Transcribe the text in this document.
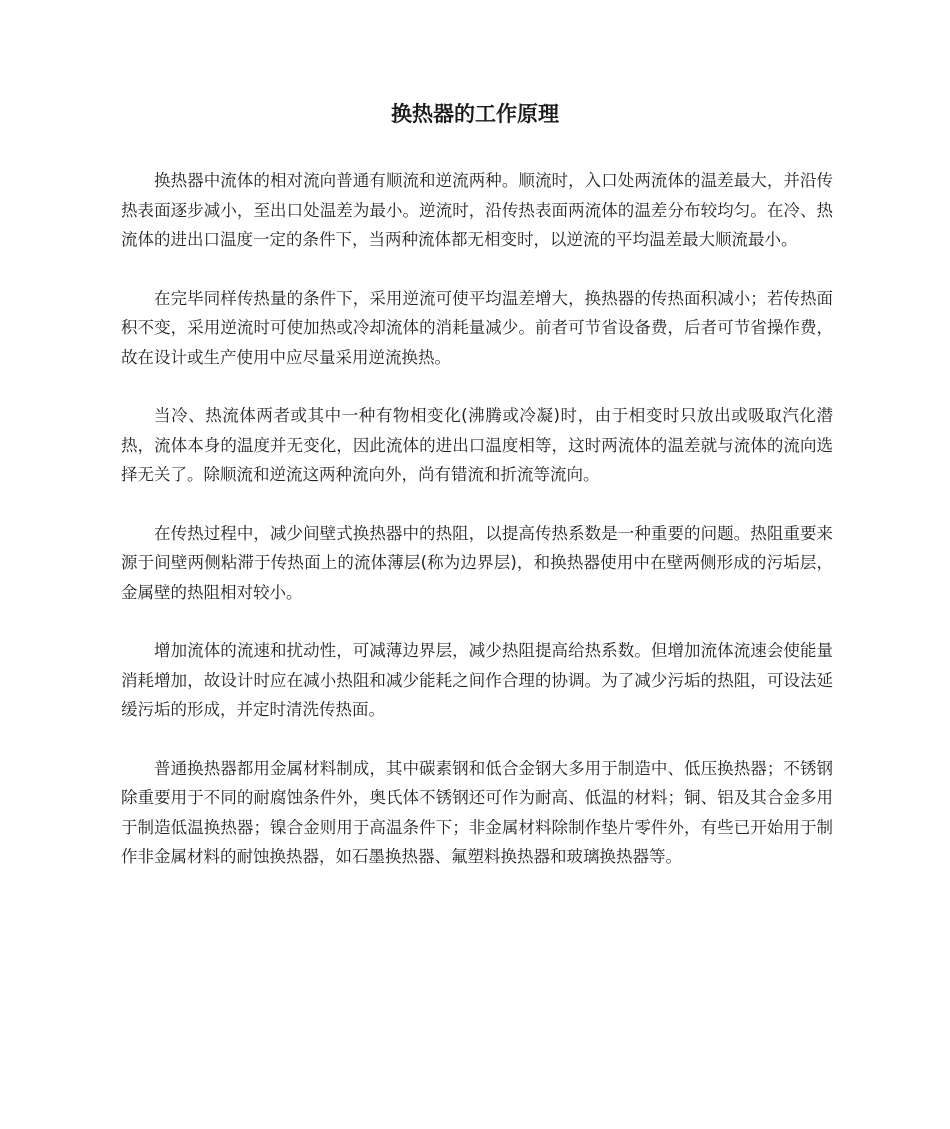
换热器的工作原理

换热器中流体的相对流向普通有顺流和逆流两种。顺流时，入口处两流体的温差最大，并沿传热表面逐步减小，至出口处温差为最小。逆流时，沿传热表面两流体的温差分布较均匀。在冷、热流体的进出口温度一定的条件下，当两种流体都无相变时，以逆流的平均温差最大顺流最小。

在完毕同样传热量的条件下，采用逆流可使平均温差增大，换热器的传热面积减小；若传热面积不变，采用逆流时可使加热或冷却流体的消耗量减少。前者可节省设备费，后者可节省操作费，故在设计或生产使用中应尽量采用逆流换热。

当冷、热流体两者或其中一种有物相变化(沸腾或冷凝)时，由于相变时只放出或吸取汽化潜热，流体本身的温度并无变化，因此流体的进出口温度相等，这时两流体的温差就与流体的流向选择无关了。除顺流和逆流这两种流向外，尚有错流和折流等流向。

在传热过程中，减少间壁式换热器中的热阻，以提高传热系数是一种重要的问题。热阻重要来源于间壁两侧粘滞于传热面上的流体薄层(称为边界层)，和换热器使用中在壁两侧形成的污垢层，金属壁的热阻相对较小。

增加流体的流速和扰动性，可减薄边界层，减少热阻提高给热系数。但增加流体流速会使能量消耗增加，故设计时应在减小热阻和减少能耗之间作合理的协调。为了减少污垢的热阻，可设法延缓污垢的形成，并定时清洗传热面。

普通换热器都用金属材料制成，其中碳素钢和低合金钢大多用于制造中、低压换热器；不锈钢除重要用于不同的耐腐蚀条件外，奥氏体不锈钢还可作为耐高、低温的材料；铜、铝及其合金多用于制造低温换热器；镍合金则用于高温条件下；非金属材料除制作垫片零件外，有些已开始用于制作非金属材料的耐蚀换热器，如石墨换热器、氟塑料换热器和玻璃换热器等。
